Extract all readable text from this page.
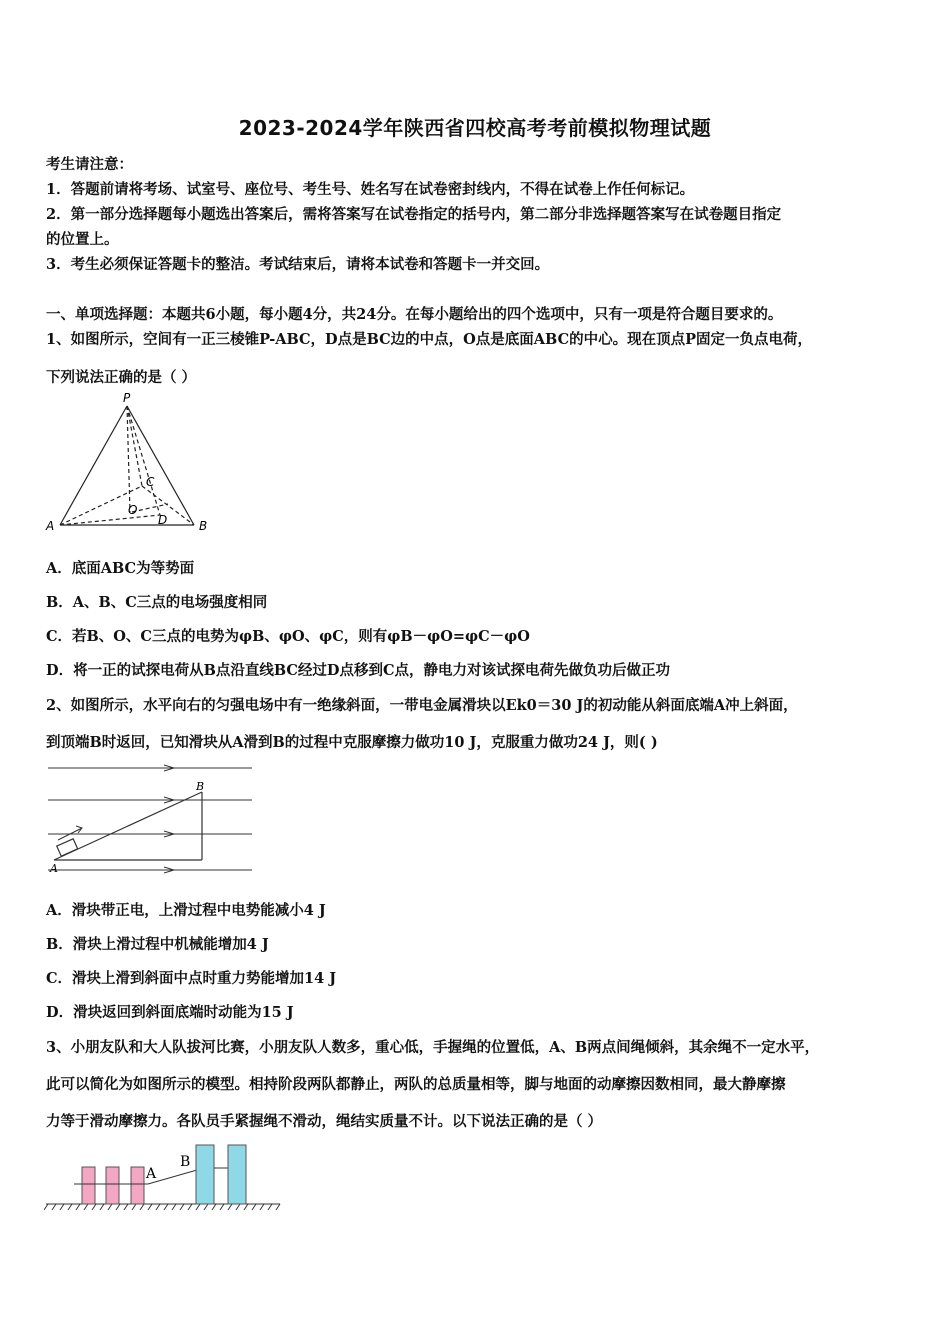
2023-2024学年陕西省四校高考考前模拟物理试题
考生请注意：
1．答题前请将考场、试室号、座位号、考生号、姓名写在试卷密封线内，不得在试卷上作任何标记。
2．第一部分选择题每小题选出答案后，需将答案写在试卷指定的括号内，第二部分非选择题答案写在试卷题目指定
的位置上。
3．考生必须保证答题卡的整洁。考试结束后，请将本试卷和答题卡一并交回。
一、单项选择题：本题共6小题，每小题4分，共24分。在每小题给出的四个选项中，只有一项是符合题目要求的。
1、如图所示，空间有一正三棱锥P-ABC，D点是BC边的中点，O点是底面ABC的中心。现在顶点P固定一负点电荷，
下列说法正确的是（ ）
P
C
O
D
A	B
A．底面ABC为等势面
B．A、B、C三点的电场强度相同
C．若B、O、C三点的电势为φB、φO、φC，则有φB－φO=φC－φO
D．将一正的试探电荷从B点沿直线BC经过D点移到C点，静电力对该试探电荷先做负功后做正功
2、如图所示，水平向右的匀强电场中有一绝缘斜面，一带电金属滑块以Ek0＝30 J的初动能从斜面底端A冲上斜面，
到顶端B时返回，已知滑块从A滑到B的过程中克服摩擦力做功10 J，克服重力做功24 J，则( )
A
B
A．滑块带正电，上滑过程中电势能减小4 J
B．滑块上滑过程中机械能增加4 J
C．滑块上滑到斜面中点时重力势能增加14 J
D．滑块返回到斜面底端时动能为15 J
3、小朋友队和大人队拔河比赛，小朋友队人数多，重心低，手握绳的位置低，A、B两点间绳倾斜，其余绳不一定水平，
此可以简化为如图所示的模型。相持阶段两队都静止，两队的总质量相等，脚与地面的动摩擦因数相同，最大静摩擦
力等于滑动摩擦力。各队员手紧握绳不滑动，绳结实质量不计。以下说法正确的是（ ）
A
B
